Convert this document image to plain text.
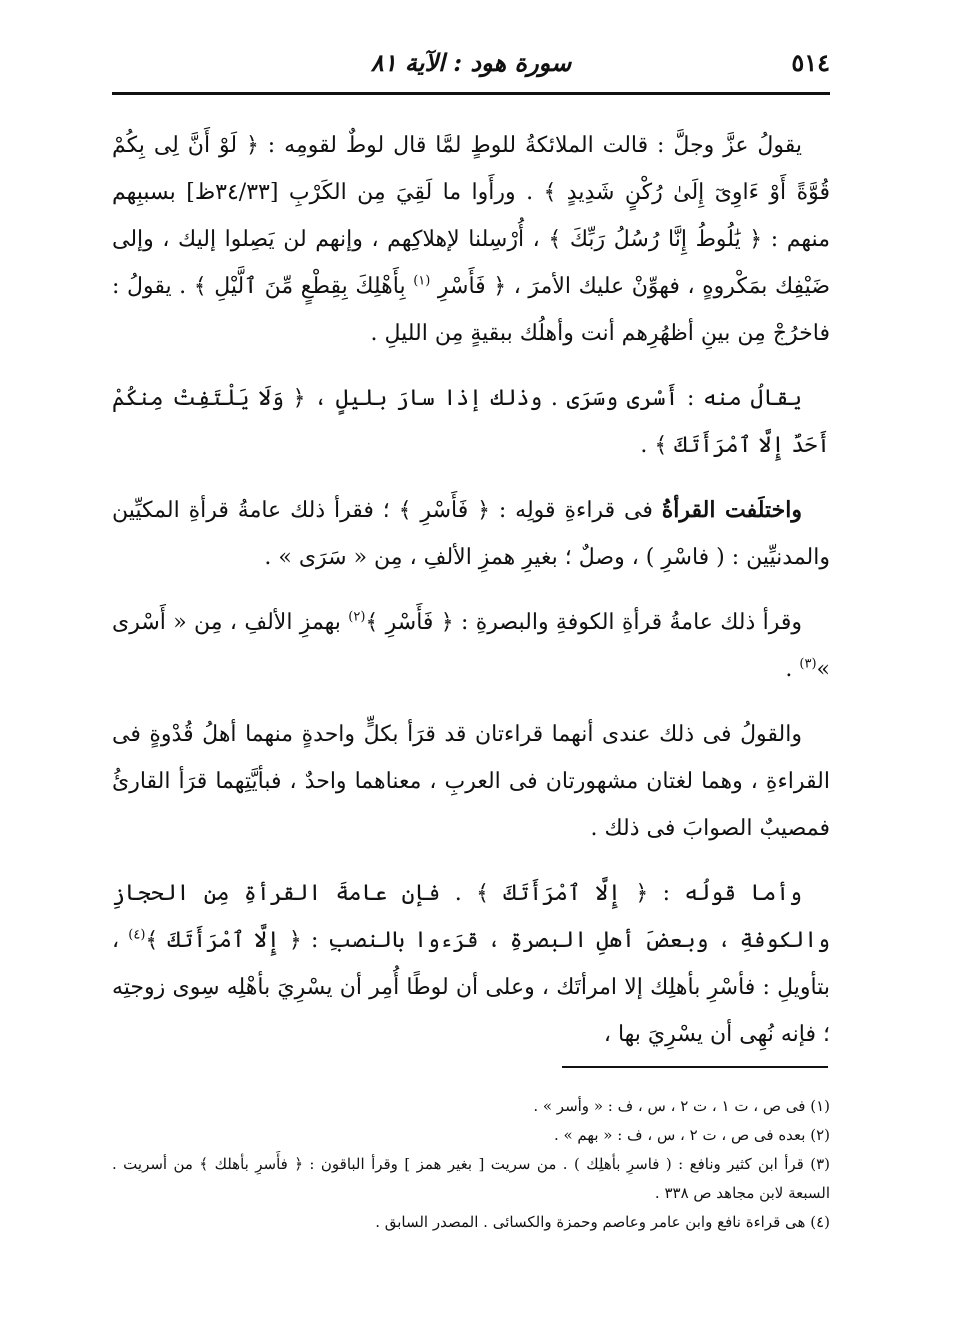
٥١٤
سورة هود : الآية ٨١

يقولُ عزَّ وجلَّ : قالت الملائكةُ للوطٍ لمَّا قال لوطٌ لقومِه : ﴿ لَوْ أَنَّ لِى بِكُمْ قُوَّةً أَوْ ءَاوِىٓ إِلَىٰ رُكْنٍ شَدِيدٍ ﴾ . ورأَوا ما لَقِيَ مِن الكَرْبِ [٣٤/٣٣ظ] بسببِهم منهم : ﴿ يَٰلُوطُ إِنَّا رُسُلُ رَبِّكَ ﴾ ، أُرْسِلنا لإهلاكِهم ، وإنهم لن يَصِلوا إليك ، وإلى ضَيْفِك بمَكْروهٍ ، فهوِّنْ عليك الأمرَ ، ﴿ فَأَسْرِ $^{(١)}$ بِأَهْلِكَ بِقِطْعٍ مِّنَ ٱلَّيْلِ ﴾ . يقولُ : فاخرُجْ مِن بينِ أظهُرِهم أنت وأهلُك ببقيةٍ مِن الليلِ .

يقالُ منه : أَسْرى وسَرَى . وذلك إذا سارَ بليلٍ ، ﴿ وَلَا يَلْتَفِتْ مِنكُمْ أَحَدٌ إِلَّا ٱمْرَأَتَكَ ﴾ .

واختلَفت القرأةُ فى قراءةِ قولِه : ﴿ فَأَسْرِ ﴾ ؛ فقرأ ذلك عامةُ قرأةِ المكيِّين والمدنيِّين : ( فاسْرِ ) ، وصلٌ ؛ بغيرِ همزِ الألفِ ، مِن « سَرَى » .

وقرأ ذلك عامةُ قرأةِ الكوفةِ والبصرةِ : ﴿ فَأَسْرِ ﴾$^{(٢)}$ بهمزِ الألفِ ، مِن « أَسْرى »$^{(٣)}$ .

والقولُ فى ذلك عندى أنهما قراءتان قد قرَأ بكلٍّ واحدةٍ منهما أهلُ قُدْوةٍ فى القراءةِ ، وهما لغتان مشهورتان فى العربِ ، معناهما واحدٌ ، فبأيَّتِهما قرَأ القارئُ فمصيبٌ الصوابَ فى ذلك .

وأما قولُه : ﴿ إِلَّا ٱمْرَأَتَكَ ﴾ . فإن عامةَ القرأةِ مِن الحجازِ والكوفةِ ، وبعضَ أهلِ البصرةِ ، قرَءوا بالنصبِ : ﴿ إِلَّا ٱمْرَأَتَكَ ﴾$^{(٤)}$ ، بتأويلِ : فأسْرِ بأهلِك إلا امرأتَك ، وعلى أن لوطًا أُمِر أن يسْرِيَ بأهْلِه سِوى زوجتِه ؛ فإنه نُهِى أن يسْرِيَ بها ،

(١) فى ص ، ت ١ ، ت ٢ ، س ، ف : « وأسر » .

(٢) بعده فى ص ، ت ٢ ، س ، ف : « بهم » .

(٣) قرأ ابن كثير ونافع : ( فاسرِ بأهلِك ) . من سريت [ بغير همز ] وقرأ الباقون : ﴿ فأَسرِ بأهلك ﴾ من أسريت . السبعة لابن مجاهد ص ٣٣٨ .

(٤) هى قراءة نافع وابن عامر وعاصم وحمزة والكسائى . المصدر السابق .
